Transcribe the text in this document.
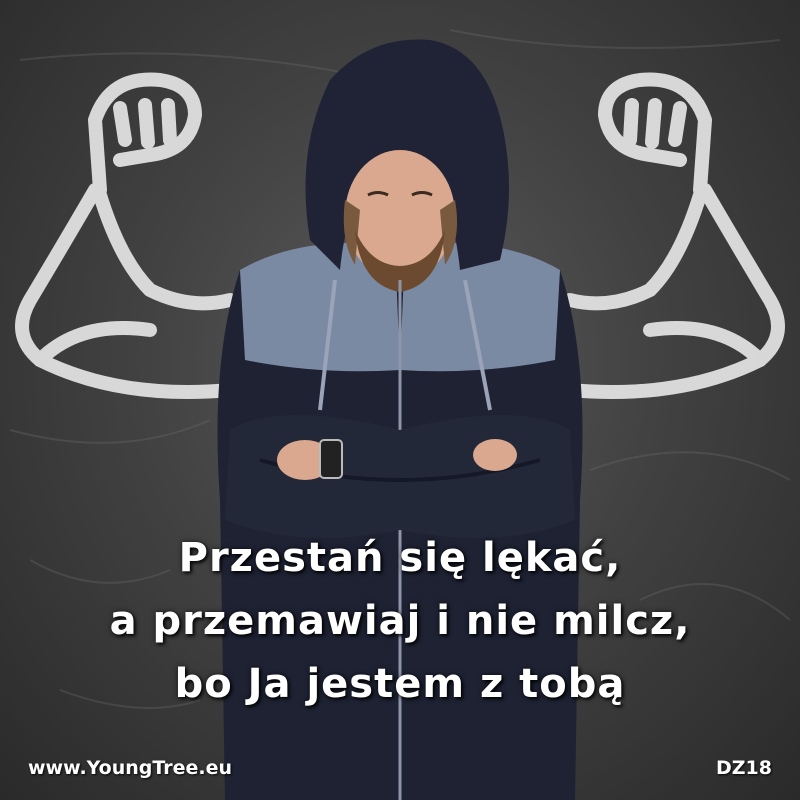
Przestań się lękać,
a przemawiaj i nie milcz,
bo Ja jestem z tobą
www.YoungTree.eu	DZ18
